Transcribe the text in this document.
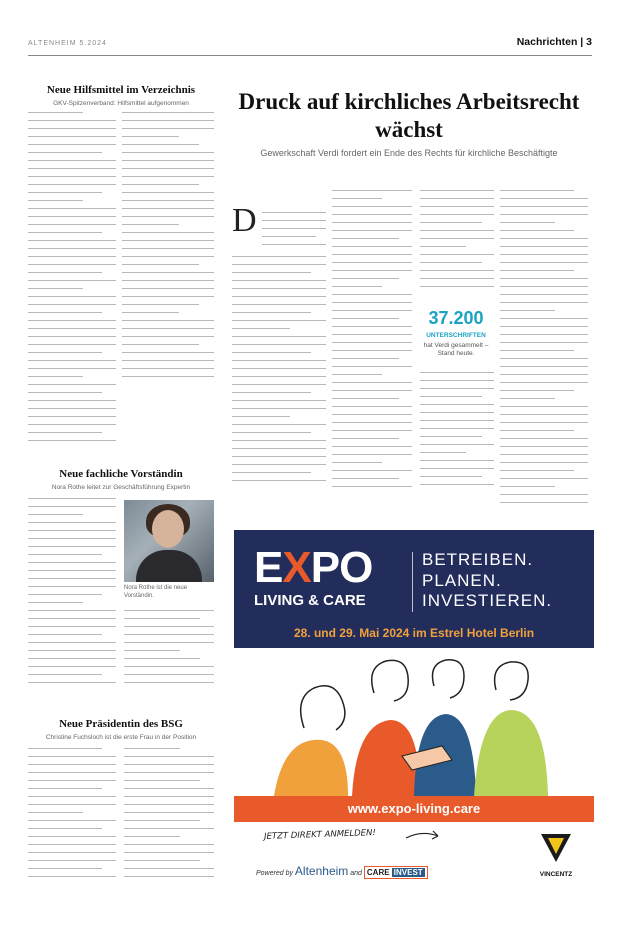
ALTENHEIM 5.2024	Nachrichten | 3
Neue Hilfsmittel im Verzeichnis
GKV-Spitzenverband: Hilfsmittel aufgenommen	Druck auf kirchliches Arbeitsrecht wächst
Gewerkschaft Verdi fordert ein Ende des Rechts für kirchliche Beschäftigte
D
37.200
UNTERSCHRIFTEN
hat Verdi gesammelt – Stand heute.
Neue fachliche Vorständin
Nora Rothe leitet zur Geschäftsführung Expertin
Nora Rothe ist die neue Vorständin.
Neue Präsidentin des BSG
Christine Fuchsloch ist die erste Frau in der Position
EXPO
LIVING & CARE
BETREIBEN.
PLANEN.
INVESTIEREN.
28. und 29. Mai 2024 im Estrel Hotel Berlin
www.expo-living.care
JETZT DIREKT ANMELDEN!
Powered by Altenheim and CARE INVEST	VINCENTZ
